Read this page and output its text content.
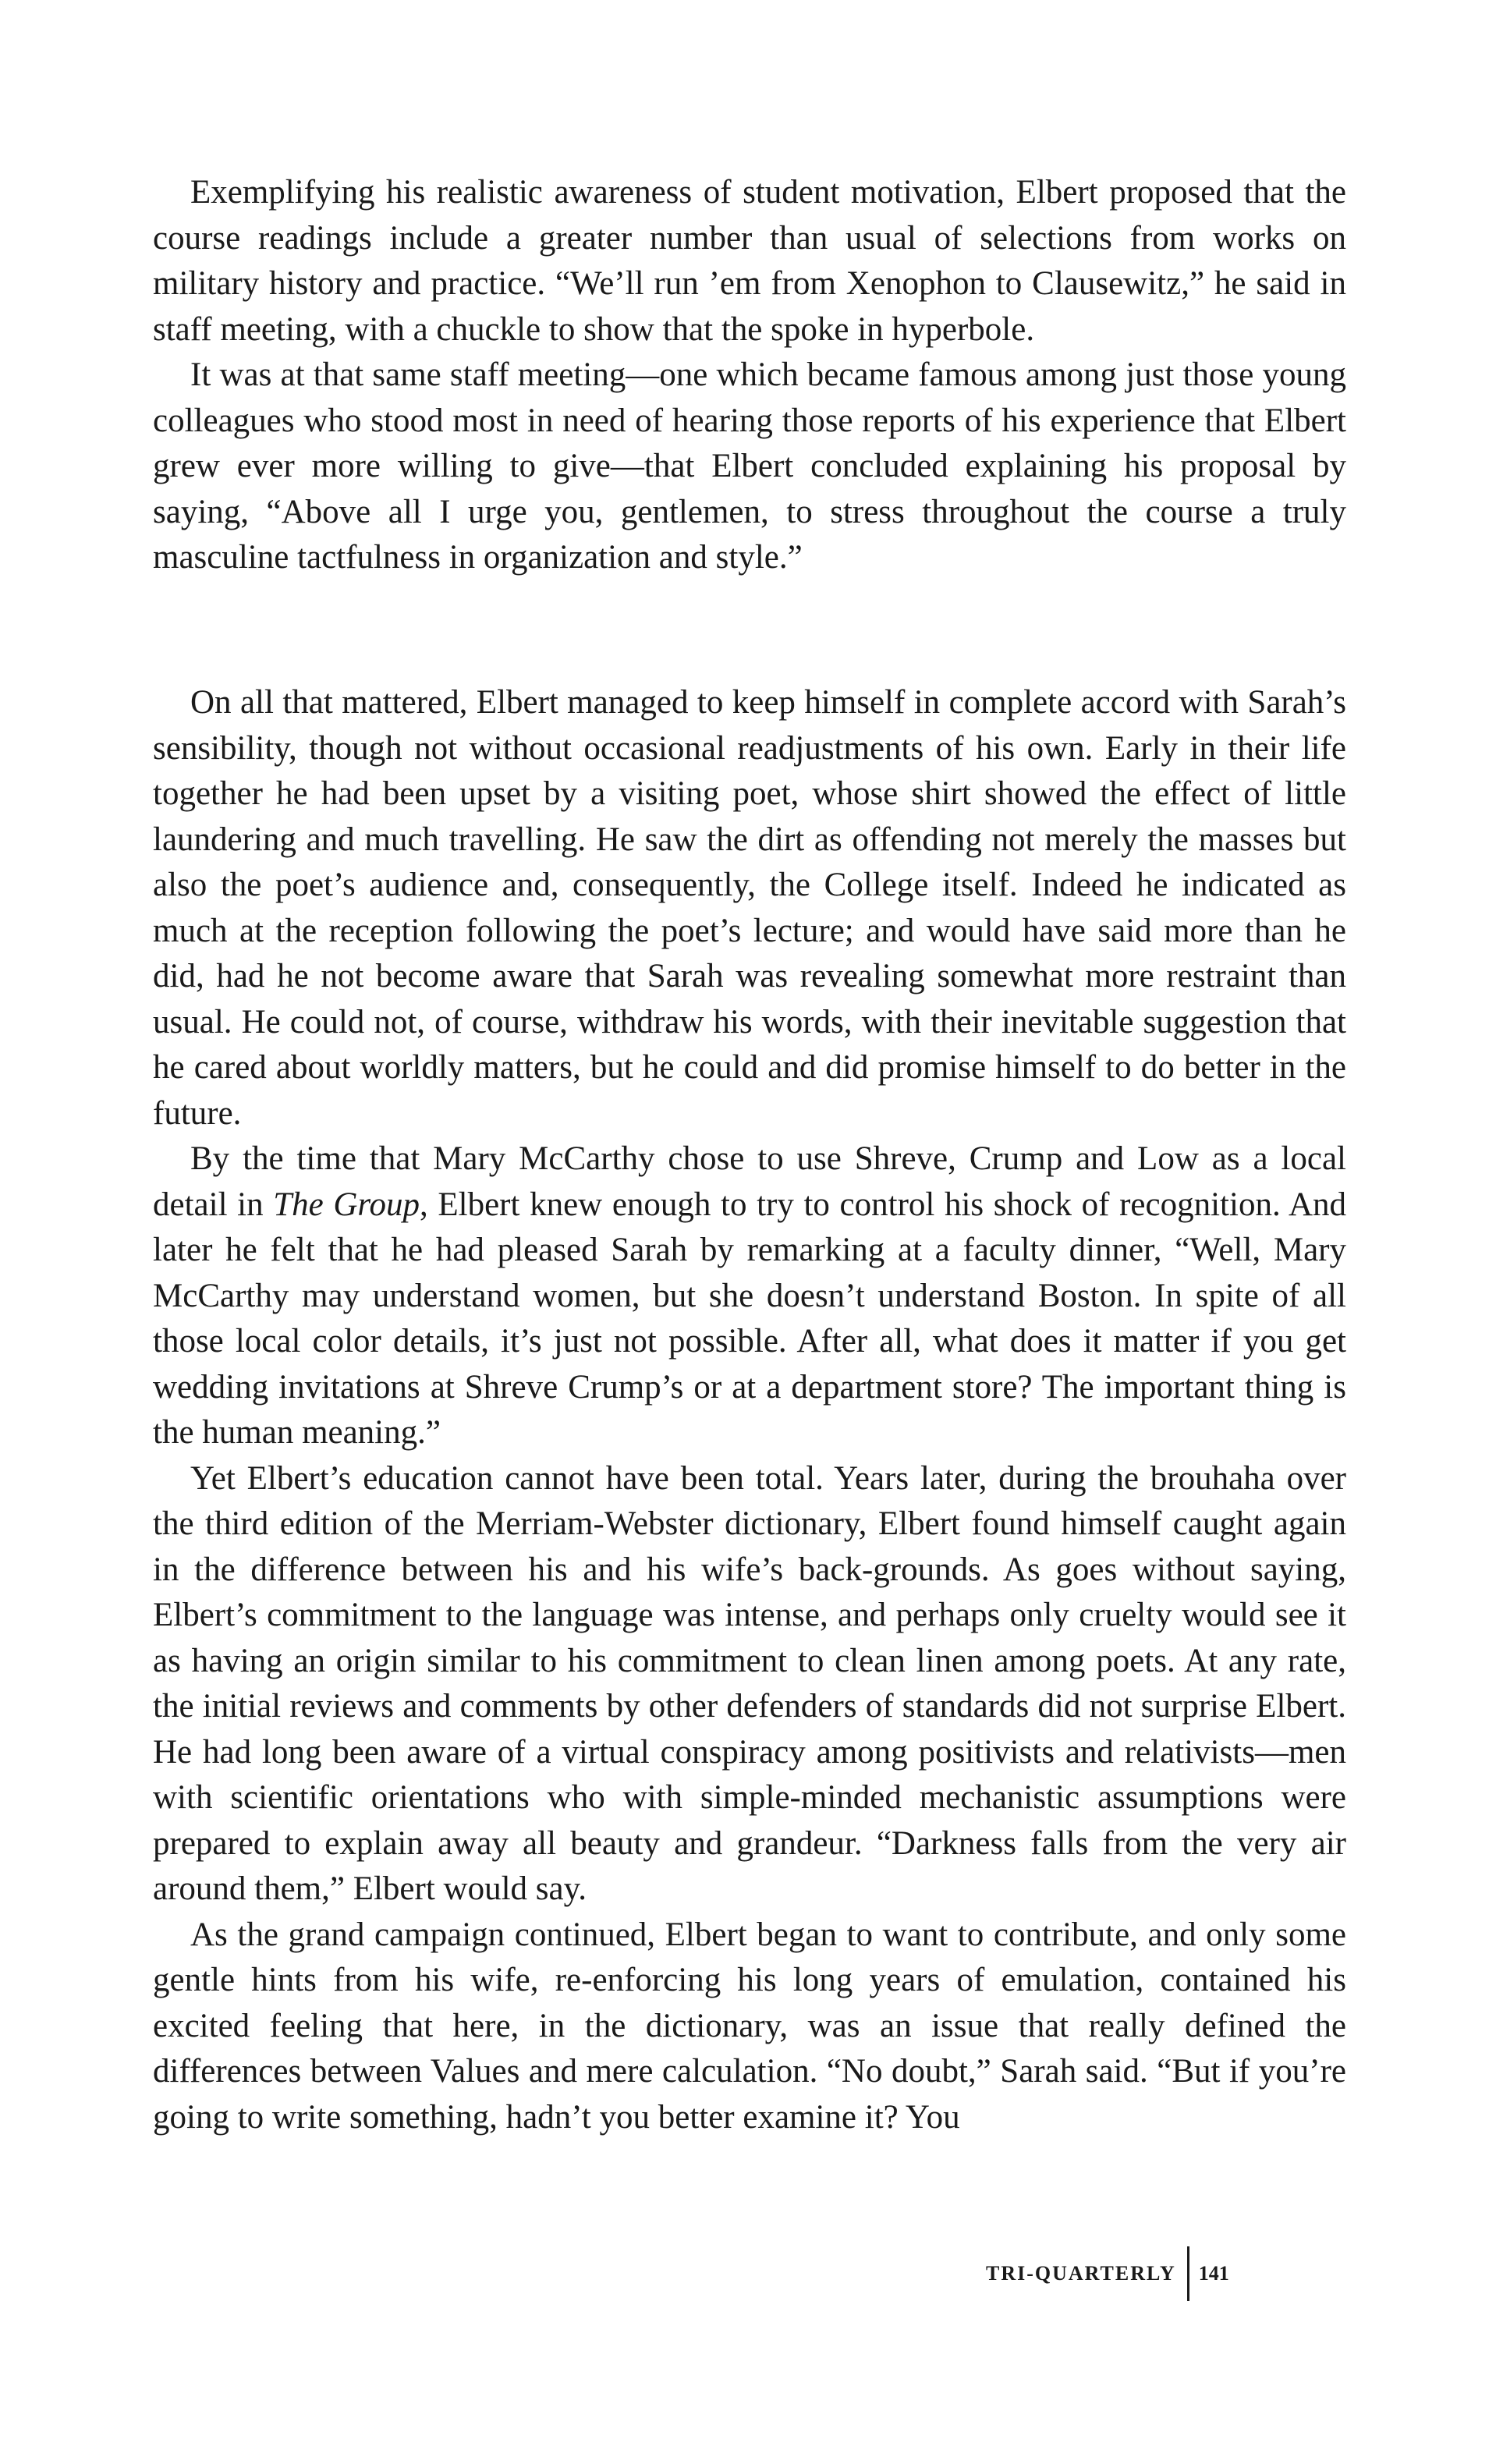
Exemplifying his realistic awareness of student motivation, Elbert proposed that the course readings include a greater number than usual of selections from works on military history and practice. “We’ll run ’em from Xenophon to Clausewitz,” he said in staff meeting, with a chuckle to show that the spoke in hyperbole.

It was at that same staff meeting—one which became famous among just those young colleagues who stood most in need of hearing those reports of his experience that Elbert grew ever more willing to give—that Elbert concluded explaining his proposal by saying, “Above all I urge you, gentlemen, to stress throughout the course a truly masculine tactfulness in organization and style.”

On all that mattered, Elbert managed to keep himself in complete accord with Sarah’s sensibility, though not without occasional readjustments of his own. Early in their life together he had been upset by a visiting poet, whose shirt showed the effect of little laundering and much travelling. He saw the dirt as offending not merely the masses but also the poet’s audience and, consequently, the College itself. Indeed he indicated as much at the reception following the poet’s lecture; and would have said more than he did, had he not become aware that Sarah was revealing somewhat more restraint than usual. He could not, of course, withdraw his words, with their inevitable suggestion that he cared about worldly matters, but he could and did promise himself to do better in the future.

By the time that Mary McCarthy chose to use Shreve, Crump and Low as a local detail in The Group, Elbert knew enough to try to control his shock of recognition. And later he felt that he had pleased Sarah by remarking at a faculty dinner, “Well, Mary McCarthy may understand women, but she doesn’t understand Boston. In spite of all those local color details, it’s just not possible. After all, what does it matter if you get wedding invitations at Shreve Crump’s or at a department store? The important thing is the human meaning.”

Yet Elbert’s education cannot have been total. Years later, during the brouhaha over the third edition of the Merriam-Webster dictionary, Elbert found himself caught again in the difference between his and his wife’s back-grounds. As goes without saying, Elbert’s commitment to the language was intense, and perhaps only cruelty would see it as having an origin similar to his commitment to clean linen among poets. At any rate, the initial reviews and comments by other defenders of standards did not surprise Elbert. He had long been aware of a virtual conspiracy among positivists and relativists—men with scientific orientations who with simple-minded mechanistic assumptions were prepared to explain away all beauty and grandeur. “Darkness falls from the very air around them,” Elbert would say.

As the grand campaign continued, Elbert began to want to contribute, and only some gentle hints from his wife, re-enforcing his long years of emulation, contained his excited feeling that here, in the dictionary, was an issue that really defined the differences between Values and mere calculation. “No doubt,” Sarah said. “But if you’re going to write something, hadn’t you better examine it? You

TRI-QUARTERLY	141
